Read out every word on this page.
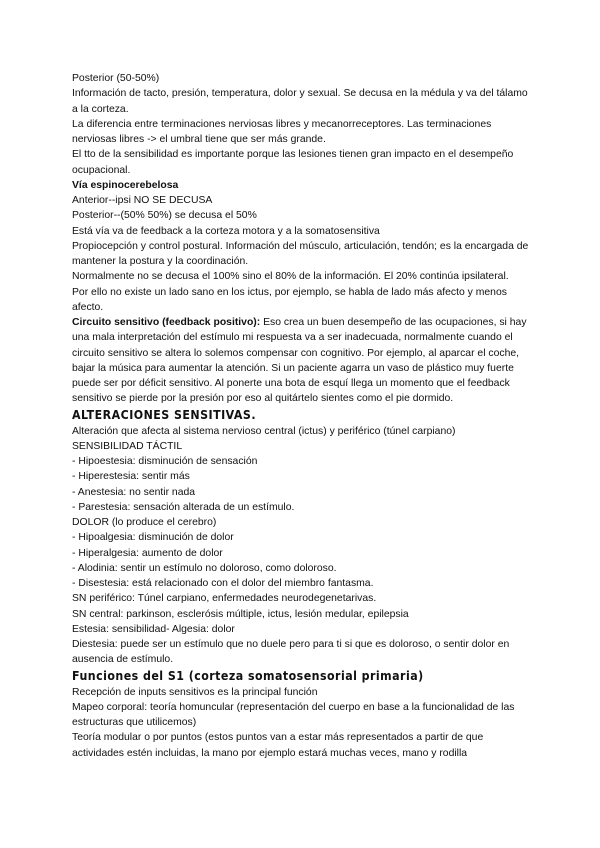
Posterior (50-50%)

Información de tacto, presión, temperatura, dolor y sexual. Se decusa en la médula y va del tálamo a la corteza.

La diferencia entre terminaciones nerviosas libres y mecanorreceptores. Las terminaciones nerviosas libres -> el umbral tiene que ser más grande.

El tto de la sensibilidad es importante porque las lesiones tienen gran impacto en el desempeño ocupacional.

Vía espinocerebelosa

Anterior--ipsi NO SE DECUSA

Posterior--(50% 50%) se decusa el 50%

Está vía va de feedback a la corteza motora y a la somatosensitiva

Propiocepción y control postural. Información del músculo, articulación, tendón; es la encargada de mantener la postura y la coordinación.

Normalmente no se decusa el 100% sino el 80% de la información. El 20% continúa ipsilateral.

Por ello no existe un lado sano en los ictus, por ejemplo, se habla de lado más afecto y menos afecto.

Circuito sensitivo (feedback positivo): Eso crea un buen desempeño de las ocupaciones, si hay una mala interpretación del estímulo mi respuesta va a ser inadecuada, normalmente cuando el circuito sensitivo se altera lo solemos compensar con cognitivo. Por ejemplo, al aparcar el coche, bajar la música para aumentar la atención. Si un paciente agarra un vaso de plástico muy fuerte puede ser por déficit sensitivo. Al ponerte una bota de esquí llega un momento que el feedback sensitivo se pierde por la presión por eso al quitártelo sientes como el pie dormido.

ALTERACIONES SENSITIVAS.

Alteración que afecta al sistema nervioso central (ictus) y periférico (túnel carpiano)

SENSIBILIDAD TÁCTIL

- Hipoestesia: disminución de sensación

- Hiperestesia: sentir más

- Anestesia: no sentir nada

- Parestesia: sensación alterada de un estímulo.

DOLOR (lo produce el cerebro)

- Hipoalgesia: disminución de dolor

- Hiperalgesia: aumento de dolor

- Alodinia: sentir un estímulo no doloroso, como doloroso.

- Disestesia: está relacionado con el dolor del miembro fantasma.

SN periférico: Túnel carpiano, enfermedades neurodegenetarivas.

SN central: parkinson, esclerósis múltiple, ictus, lesión medular, epilepsia

Estesia: sensibilidad- Algesia: dolor

Diestesia: puede ser un estímulo que no duele pero para ti si que es doloroso, o sentir dolor en ausencia de estímulo.

Funciones del S1 (corteza somatosensorial primaria)

Recepción de inputs sensitivos es la principal función

Mapeo corporal: teoría homuncular (representación del cuerpo en base a la funcionalidad de las estructuras que utilicemos)

Teoría modular o por puntos (estos puntos van a estar más representados a partir de que actividades estén incluidas, la mano por ejemplo estará muchas veces, mano y rodilla
